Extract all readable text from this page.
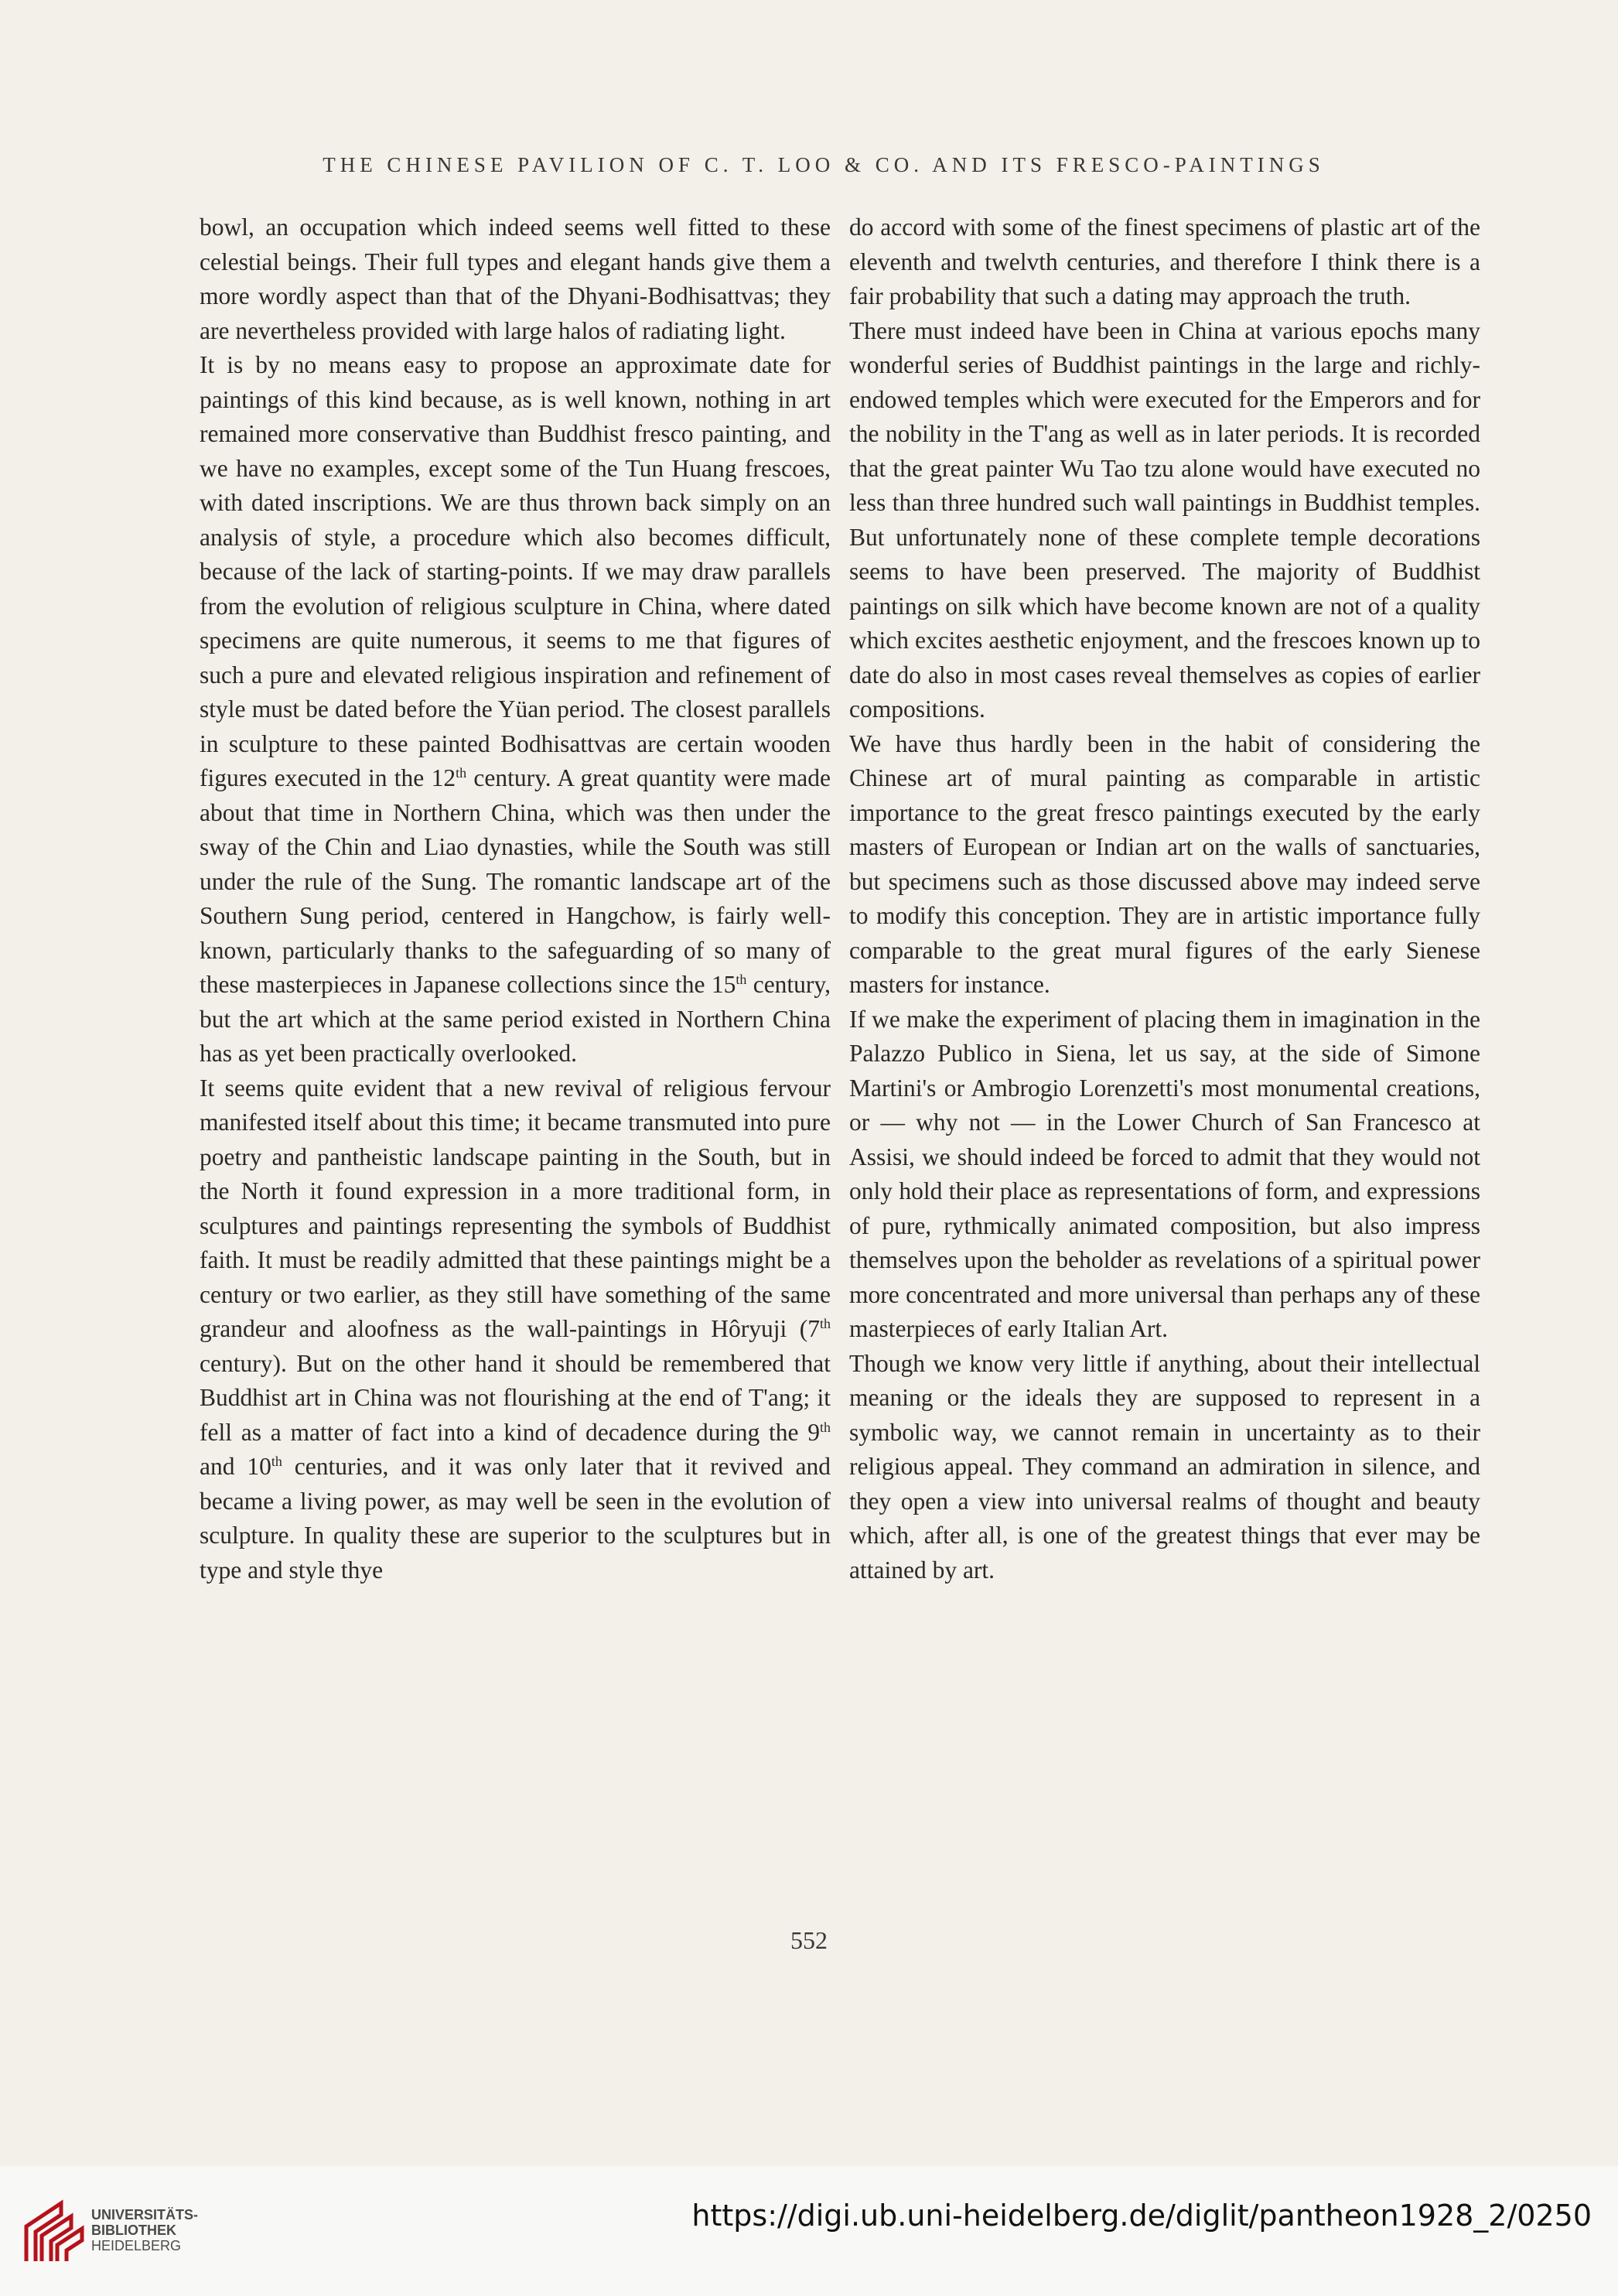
THE CHINESE PAVILION OF C. T. LOO & CO. AND ITS FRESCO-PAINTINGS

bowl, an occupation which indeed seems well fitted to these celestial beings. Their full types and elegant hands give them a more wordly aspect than that of the Dhyani-Bodhisattvas; they are nevertheless provided with large halos of radiating light.

It is by no means easy to propose an approximate date for paintings of this kind because, as is well known, nothing in art remained more conservative than Buddhist fresco painting, and we have no examples, except some of the Tun Huang frescoes, with dated inscriptions. We are thus thrown back simply on an analysis of style, a procedure which also becomes difficult, because of the lack of starting-points. If we may draw parallels from the evolution of religious sculpture in China, where dated specimens are quite numerous, it seems to me that figures of such a pure and elevated religious inspiration and refinement of style must be dated before the Yüan period. The closest parallels in sculpture to these painted Bodhisattvas are certain wooden figures executed in the 12th century. A great quantity were made about that time in Northern China, which was then under the sway of the Chin and Liao dynasties, while the South was still under the rule of the Sung. The romantic landscape art of the Southern Sung period, centered in Hangchow, is fairly well-known, particularly thanks to the safeguarding of so many of these masterpieces in Japanese collections since the 15th century, but the art which at the same period existed in Northern China has as yet been practically overlooked.

It seems quite evident that a new revival of religious fervour manifested itself about this time; it became transmuted into pure poetry and pantheistic landscape painting in the South, but in the North it found expression in a more traditional form, in sculptures and paintings representing the symbols of Buddhist faith. It must be readily admitted that these paintings might be a century or two earlier, as they still have something of the same grandeur and aloofness as the wall-paintings in Hôryuji (7th century). But on the other hand it should be remembered that Buddhist art in China was not flourishing at the end of T'ang; it fell as a matter of fact into a kind of decadence during the 9th and 10th centuries, and it was only later that it revived and became a living power, as may well be seen in the evolution of sculpture. In quality these are superior to the sculptures but in type and style thye

do accord with some of the finest specimens of plastic art of the eleventh and twelvth centuries, and therefore I think there is a fair probability that such a dating may approach the truth.

There must indeed have been in China at various epochs many wonderful series of Buddhist paintings in the large and richly-endowed temples which were executed for the Emperors and for the nobility in the T'ang as well as in later periods. It is recorded that the great painter Wu Tao tzu alone would have executed no less than three hundred such wall paintings in Buddhist temples. But unfortunately none of these complete temple decorations seems to have been preserved. The majority of Buddhist paintings on silk which have become known are not of a quality which excites aesthetic enjoyment, and the frescoes known up to date do also in most cases reveal themselves as copies of earlier compositions.

We have thus hardly been in the habit of considering the Chinese art of mural painting as comparable in artistic importance to the great fresco paintings executed by the early masters of European or Indian art on the walls of sanctuaries, but specimens such as those discussed above may indeed serve to modify this conception. They are in artistic importance fully comparable to the great mural figures of the early Sienese masters for instance.

If we make the experiment of placing them in imagination in the Palazzo Publico in Siena, let us say, at the side of Simone Martini's or Ambrogio Lorenzetti's most monumental creations, or — why not — in the Lower Church of San Francesco at Assisi, we should indeed be forced to admit that they would not only hold their place as representations of form, and expressions of pure, rythmically animated composition, but also impress themselves upon the beholder as revelations of a spiritual power more concentrated and more universal than perhaps any of these masterpieces of early Italian Art.

Though we know very little if anything, about their intellectual meaning or the ideals they are supposed to represent in a symbolic way, we cannot remain in uncertainty as to their religious appeal. They command an admiration in silence, and they open a view into universal realms of thought and beauty which, after all, is one of the greatest things that ever may be attained by art.

552
UNIVERSITÄTS-
BIBLIOTHEK
HEIDELBERG
https://digi.ub.uni-heidelberg.de/diglit/pantheon1928_2/0250
